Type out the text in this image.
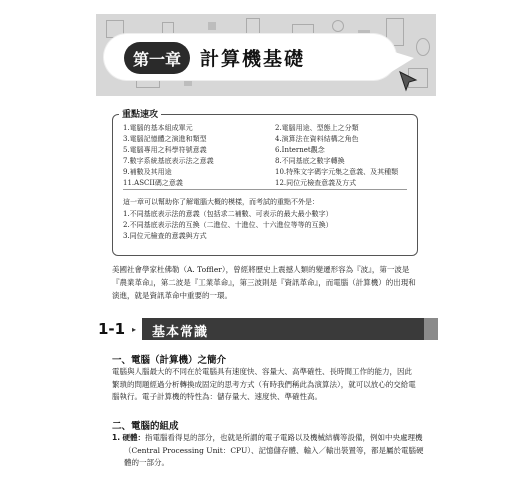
第一章	計算機基礎
重點速攻
1.電腦的基本組成單元	2.電腦用途、型態上之分類
3.電腦記憶體之演進和類型	4.演算法在資料結構之角色
5.電腦專用之科學符號意義	6.Internet觀念
7.數字系統基底表示法之意義	8.不同基底之數字轉換
9.補數及其用途	10.特殊文字碼字元集之意義、及其種類
11.ASCII碼之意義	12.同位元檢查意義及方式
這一章可以幫助你了解電腦大概的模樣，而考試的重點不外是：
1.不同基底表示法的意義（包括求二補數、可表示的最大最小數字）
2.不同基底表示法的互換（二進位、十進位、十六進位等等的互換）
3.同位元檢查的意義與方式
美國社會學家杜佛勒（A. Toffler），曾經將歷史上震撼人類的變遷形容為『波』，第一波是『農業革命』，第二波是『工業革命』，第三波則是『資訊革命』，而電腦（計算機）的出現和演進，就是資訊革命中重要的一環。
1-1 ▸ 基本常識
一、電腦（計算機）之簡介
電腦與人腦最大的不同在於電腦具有速度快、容量大、高準確性、長時間工作的能力，因此繁瑣的問題經過分析轉換成固定的思考方式（有時我們稱此為演算法），就可以放心的交給電腦執行。電子計算機的特性為：儲存量大、速度快、準確性高。
二、電腦的組成
1. 硬體：指電腦看得見的部分，也就是所謂的電子電路以及機械結構等設備，例如中央處理機（Central Processing Unit：CPU）、記憶儲存體、輸入／輸出裝置等，都是屬於電腦硬體的一部分。
